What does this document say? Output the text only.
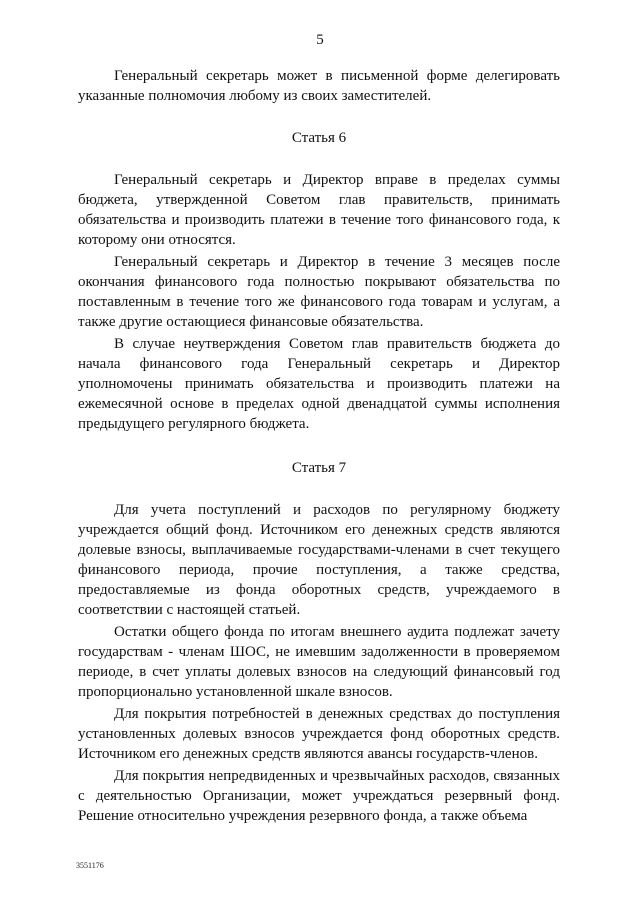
5

Генеральный секретарь может в письменной форме делегировать указанные полномочия любому из своих заместителей.

Статья 6

Генеральный секретарь и Директор вправе в пределах суммы бюджета, утвержденной Советом глав правительств, принимать обязательства и производить платежи в течение того финансового года, к которому они относятся.

Генеральный секретарь и Директор в течение 3 месяцев после окончания финансового года полностью покрывают обязательства по поставленным в течение того же финансового года товарам и услугам, а также другие остающиеся финансовые обязательства.

В случае неутверждения Советом глав правительств бюджета до начала финансового года Генеральный секретарь и Директор уполномочены принимать обязательства и производить платежи на ежемесячной основе в пределах одной двенадцатой суммы исполнения предыдущего регулярного бюджета.

Статья 7

Для учета поступлений и расходов по регулярному бюджету учреждается общий фонд. Источником его денежных средств являются долевые взносы, выплачиваемые государствами-членами в счет текущего финансового периода, прочие поступления, а также средства, предоставляемые из фонда оборотных средств, учреждаемого в соответствии с настоящей статьей.

Остатки общего фонда по итогам внешнего аудита подлежат зачету государствам - членам ШОС, не имевшим задолженности в проверяемом периоде, в счет уплаты долевых взносов на следующий финансовый год пропорционально установленной шкале взносов.

Для покрытия потребностей в денежных средствах до поступления установленных долевых взносов учреждается фонд оборотных средств. Источником его денежных средств являются авансы государств-членов.

Для покрытия непредвиденных и чрезвычайных расходов, связанных с деятельностью Организации, может учреждаться резервный фонд. Решение относительно учреждения резервного фонда, а также объема

3551176
